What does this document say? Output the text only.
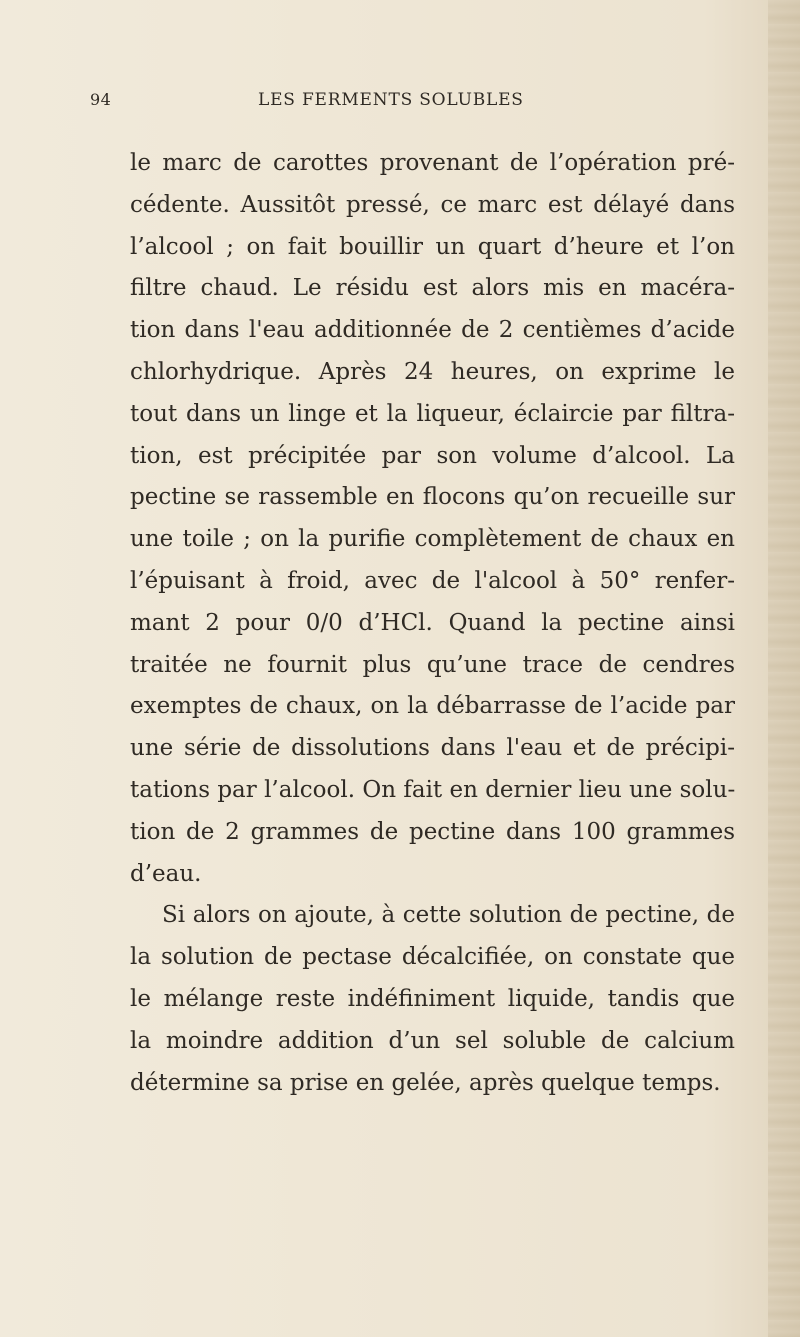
94	LES FERMENTS SOLUBLES
le marc de carottes provenant de l’opération pré-
cédente. Aussitôt pressé, ce marc est délayé dans
l’alcool ; on fait bouillir un quart d’heure et l’on
filtre chaud. Le résidu est alors mis en macéra-
tion dans l'eau additionnée de 2 centièmes d’acide
chlorhydrique. Après 24 heures, on exprime le
tout dans un linge et la liqueur, éclaircie par filtra-
tion, est précipitée par son volume d’alcool. La
pectine se rassemble en flocons qu’on recueille sur
une toile ; on la purifie complètement de chaux en
l’épuisant à froid, avec de l'alcool à 50° renfer-
mant 2 pour 0/0 d’HCl. Quand la pectine ainsi
traitée ne fournit plus qu’une trace de cendres
exemptes de chaux, on la débarrasse de l’acide par
une série de dissolutions dans l'eau et de précipi-
tations par l’alcool. On fait en dernier lieu une solu-
tion de 2 grammes de pectine dans 100 grammes
d’eau.
Si alors on ajoute, à cette solution de pectine, de
la solution de pectase décalcifiée, on constate que
le mélange reste indéfiniment liquide, tandis que
la moindre addition d’un sel soluble de calcium
détermine sa prise en gelée, après quelque temps.
